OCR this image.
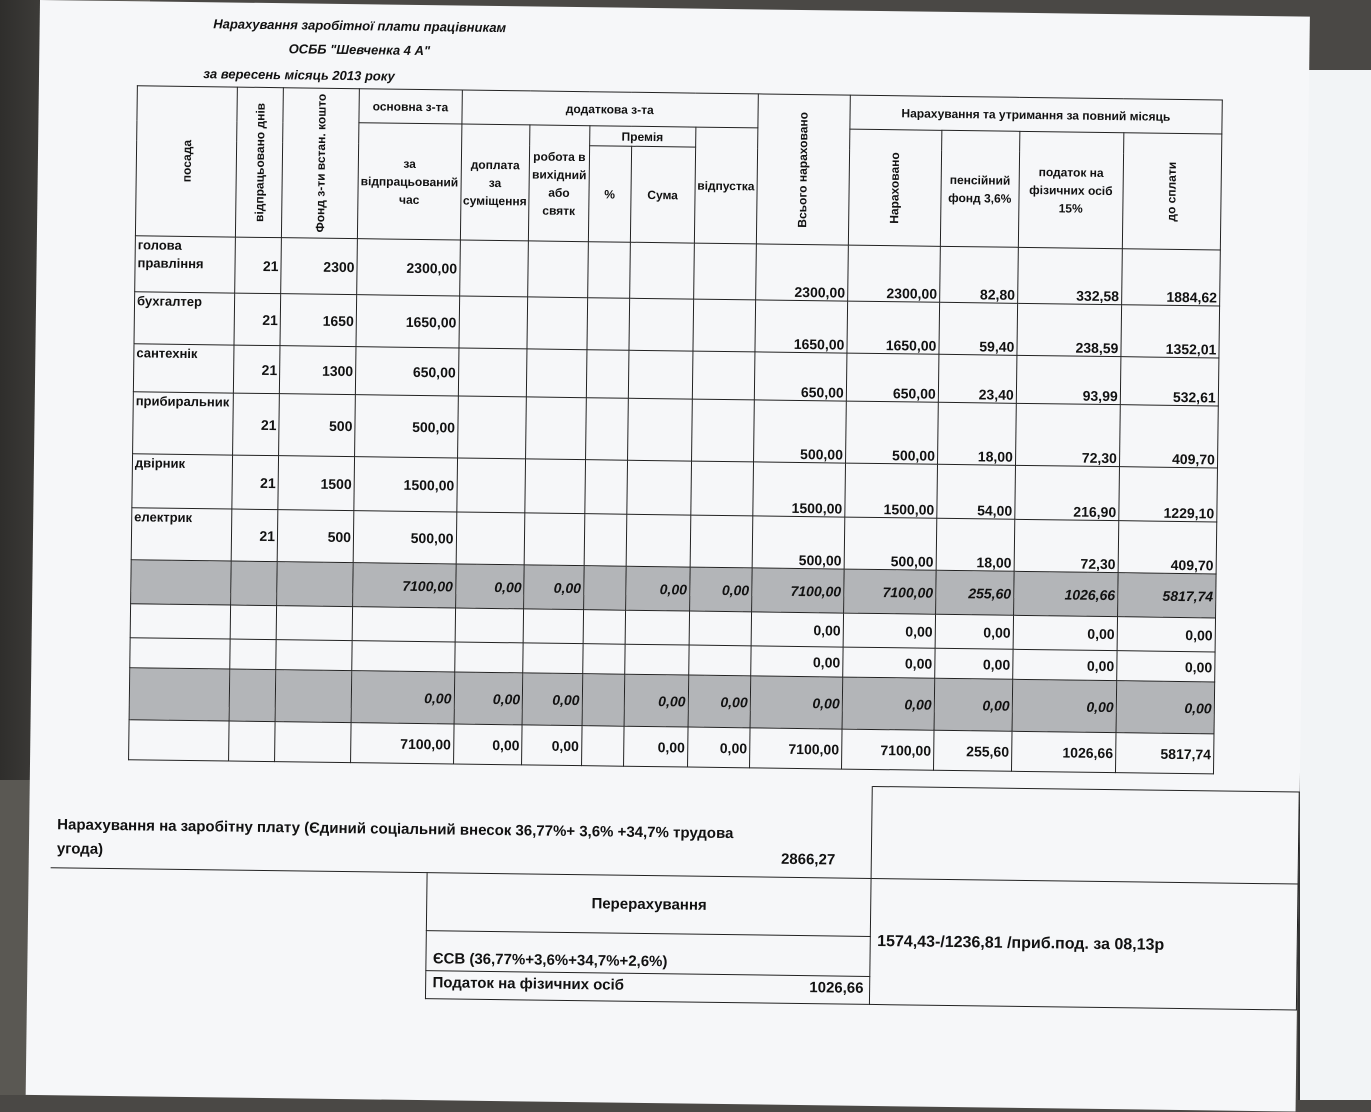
Нарахування заробітної плати працівникам
ОСББ "Шевченка 4 А"
за вересень місяць 2013 року
посада	відпрацьовано днів	Фонд з-ти встан. кошто	основна з-та	додаткова з-та					Всього нараховано	Нарахування та утримання за повний місяць			
			за відпрацьований час	доплата за суміщення	робота в вихідний або святк	Премія		відпустка		Нараховано	пенсійний фонд 3,6%	податок на фізичних осіб 15%	до сплати

						%	Сума						
голова правління	21	2300	2300,00						2300,00	2300,00	82,80	332,58	1884,62
бухгалтер	21	1650	1650,00						1650,00	1650,00	59,40	238,59	1352,01
сантехнік	21	1300	650,00						650,00	650,00	23,40	93,99	532,61
прибиральник	21	500	500,00						500,00	500,00	18,00	72,30	409,70
двірник	21	1500	1500,00						1500,00	1500,00	54,00	216,90	1229,10
електрик	21	500	500,00						500,00	500,00	18,00	72,30	409,70
			7100,00	0,00	0,00		0,00	0,00	7100,00	7100,00	255,60	1026,66	5817,74
									0,00	0,00	0,00	0,00	0,00
									0,00	0,00	0,00	0,00	0,00
			0,00	0,00	0,00		0,00	0,00	0,00	0,00	0,00	0,00	0,00
			7100,00	0,00	0,00		0,00	0,00	7100,00	7100,00	255,60	1026,66	5817,74
Нарахування на заробітну плату (Єдиний соціальний внесок 36,77%+ 3,6% +34,7% трудова угода)
2866,27		

	Перерахування	1574,43-/1236,81 /приб.под. за 08,13р
	ЄСВ (36,77%+3,6%+34,7%+2,6%)	
	Податок на фізичних осіб 1026,66	
